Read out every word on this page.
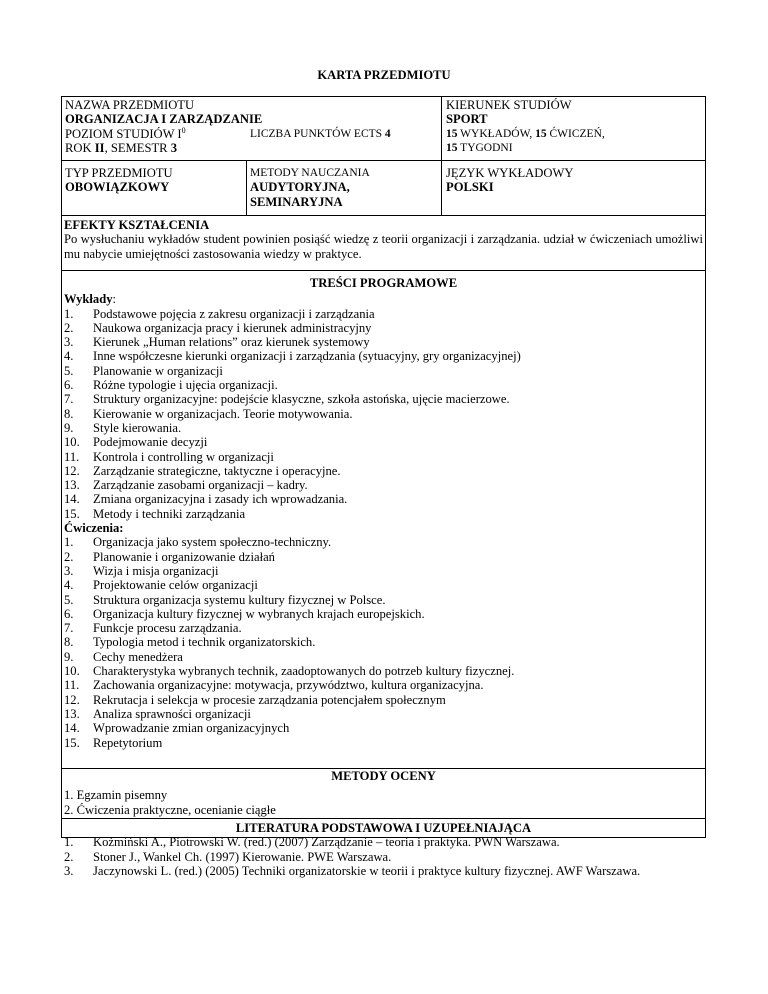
KARTA PRZEDMIOTU
NAZWA PRZEDMIOTU
ORGANIZACJA I ZARZĄDZANIE
POZIOM STUDIÓW $I^0$	LICZBA PUNKTÓW ECTS 4
ROK II, SEMESTR 3
KIERUNEK STUDIÓW
SPORT
15 WYKŁADÓW, 15 ĆWICZEŃ,
15 TYGODNI
TYP PRZEDMIOTU
OBOWIĄZKOWY
METODY NAUCZANIA
AUDYTORYJNA,
SEMINARYJNA
JĘZYK WYKŁADOWY
POLSKI
EFEKTY KSZTAŁCENIA
Po wysłuchaniu wykładów student powinien posiąść wiedzę z teorii organizacji i zarządzania. udział w ćwiczeniach umożliwi mu nabycie umiejętności zastosowania wiedzy w praktyce.
TREŚCI PROGRAMOWE
Wykłady:
1. Podstawowe pojęcia z zakresu organizacji i zarządzania
2. Naukowa organizacja pracy i kierunek administracyjny
3. Kierunek „Human relations” oraz kierunek systemowy
4. Inne współczesne kierunki organizacji i zarządzania (sytuacyjny, gry organizacyjnej)
5. Planowanie w organizacji
6. Różne typologie i ujęcia organizacji.
7. Struktury organizacyjne: podejście klasyczne, szkoła astońska, ujęcie macierzowe.
8. Kierowanie w organizacjach. Teorie motywowania.
9. Style kierowania.
10. Podejmowanie decyzji
11. Kontrola i controlling w organizacji
12. Zarządzanie strategiczne, taktyczne i operacyjne.
13. Zarządzanie zasobami organizacji – kadry.
14. Zmiana organizacyjna i zasady ich wprowadzania.
15. Metody i techniki zarządzania
Ćwiczenia:
1. Organizacja jako system społeczno-techniczny.
2. Planowanie i organizowanie działań
3. Wizja i misja organizacji
4. Projektowanie celów organizacji
5. Struktura organizacja systemu kultury fizycznej w Polsce.
6. Organizacja kultury fizycznej w wybranych krajach europejskich.
7. Funkcje procesu zarządzania.
8. Typologia metod i technik organizatorskich.
9. Cechy menedżera
10. Charakterystyka wybranych technik, zaadoptowanych do potrzeb kultury fizycznej.
11. Zachowania organizacyjne: motywacja, przywództwo, kultura organizacyjna.
12. Rekrutacja i selekcja w procesie zarządzania potencjałem społecznym
13. Analiza sprawności organizacji
14. Wprowadzanie zmian organizacyjnych
15. Repetytorium
METODY OCENY
1. Egzamin pisemny
2. Ćwiczenia praktyczne, ocenianie ciągłe
LITERATURA PODSTAWOWA I UZUPEŁNIAJĄCA
1. Koźmiński A., Piotrowski W. (red.) (2007) Zarządzanie – teoria i praktyka. PWN Warszawa.
2. Stoner J., Wankel Ch. (1997) Kierowanie. PWE Warszawa.
3. Jaczynowski L. (red.) (2005) Techniki organizatorskie w teorii i praktyce kultury fizycznej. AWF Warszawa.
